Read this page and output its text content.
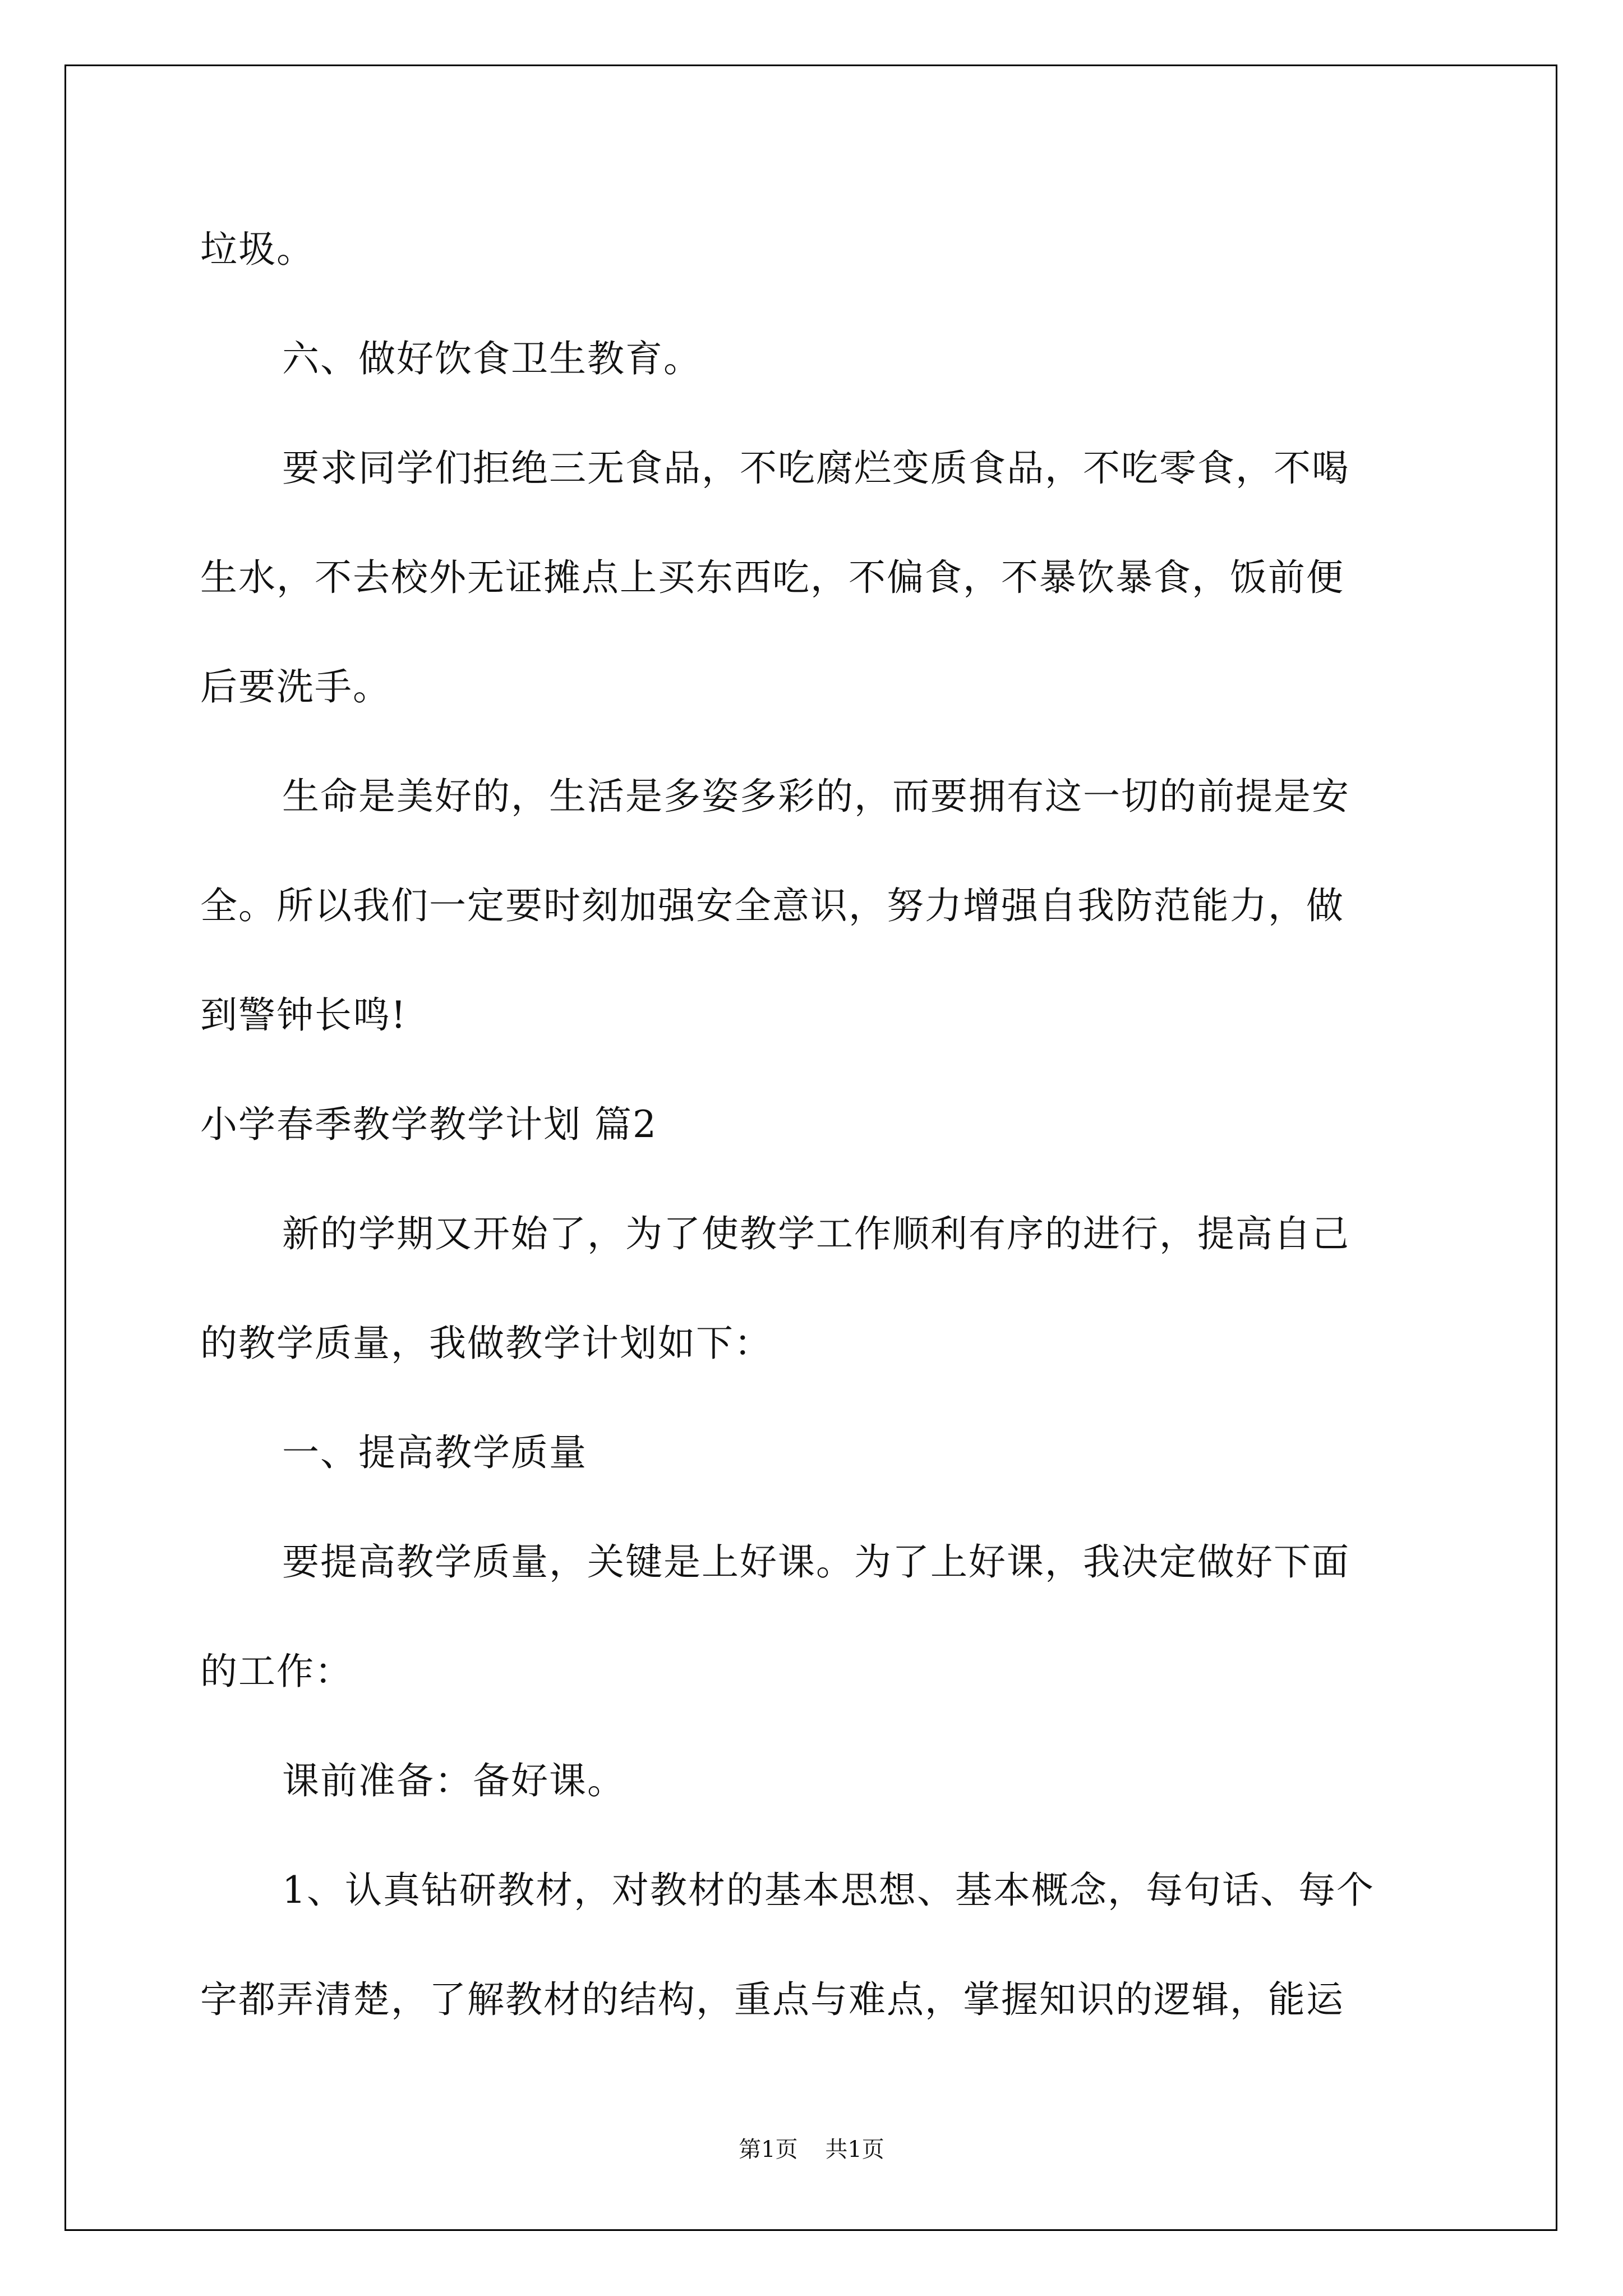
垃圾。
六、做好饮食卫生教育。
要求同学们拒绝三无食品，不吃腐烂变质食品，不吃零食，不喝
生水，不去校外无证摊点上买东西吃，不偏食，不暴饮暴食，饭前便
后要洗手。
生命是美好的，生活是多姿多彩的，而要拥有这一切的前提是安
全。所以我们一定要时刻加强安全意识，努力增强自我防范能力，做
到警钟长鸣!
小学春季教学教学计划 篇2
新的学期又开始了，为了使教学工作顺利有序的进行，提高自己
的教学质量，我做教学计划如下：
一、提高教学质量
要提高教学质量，关键是上好课。为了上好课，我决定做好下面
的工作：
课前准备：备好课。
1、认真钻研教材，对教材的基本思想、基本概念，每句话、每个
字都弄清楚，了解教材的结构，重点与难点，掌握知识的逻辑，能运
第1页 共1页
